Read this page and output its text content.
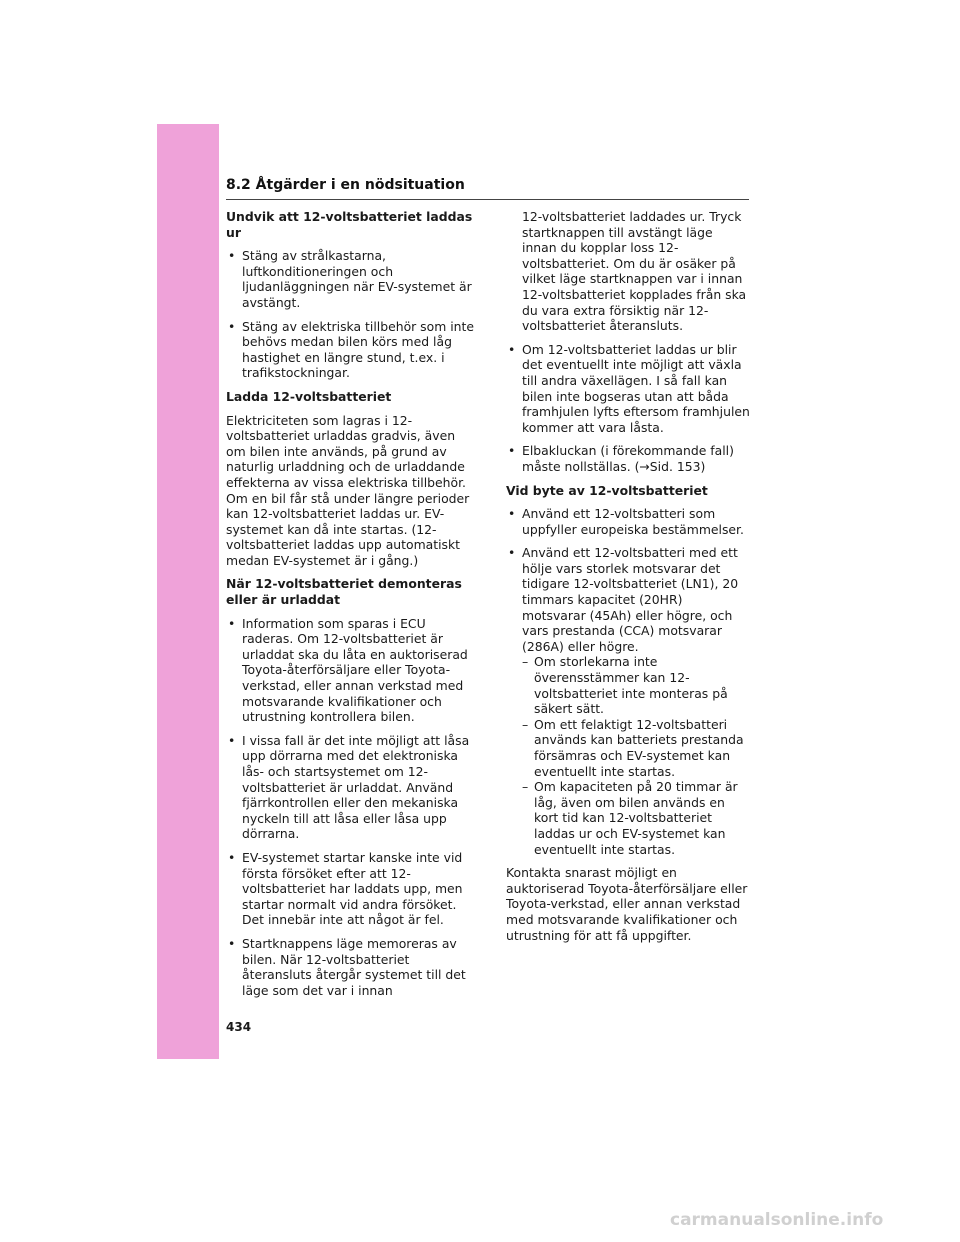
8.2 Åtgärder i en nödsituation

Undvik att 12-voltsbatteriet laddas ur

• Stäng av strålkastarna, luftkonditioneringen och ljudanläggningen när EV-systemet är avstängt.
• Stäng av elektriska tillbehör som inte behövs medan bilen körs med låg hastighet en längre stund, t.ex. i trafikstockningar.

Ladda 12-voltsbatteriet

Elektriciteten som lagras i 12-voltsbatteriet urladdas gradvis, även om bilen inte används, på grund av naturlig urladdning och de urladdande effekterna av vissa elektriska tillbehör. Om en bil får stå under längre perioder kan 12-voltsbatteriet laddas ur. EV-systemet kan då inte startas. (12-voltsbatteriet laddas upp automatiskt medan EV-systemet är i gång.)

När 12-voltsbatteriet demonteras eller är urladdat

• Information som sparas i ECU raderas. Om 12-voltsbatteriet är urladdat ska du låta en auktoriserad Toyota-återförsäljare eller Toyota-verkstad, eller annan verkstad med motsvarande kvalifikationer och utrustning kontrollera bilen.
• I vissa fall är det inte möjligt att låsa upp dörrarna med det elektroniska lås- och startsystemet om 12-voltsbatteriet är urladdat. Använd fjärrkontrollen eller den mekaniska nyckeln till att låsa eller låsa upp dörrarna.
• EV-systemet startar kanske inte vid första försöket efter att 12-voltsbatteriet har laddats upp, men startar normalt vid andra försöket. Det innebär inte att något är fel.
• Startknappens läge memoreras av bilen. När 12-voltsbatteriet återansluts återgår systemet till det läge som det var i innan
12-voltsbatteriet laddades ur. Tryck startknappen till avstängt läge innan du kopplar loss 12-voltsbatteriet. Om du är osäker på vilket läge startknappen var i innan 12-voltsbatteriet kopplades från ska du vara extra försiktig när 12-voltsbatteriet återansluts.
• Om 12-voltsbatteriet laddas ur blir det eventuellt inte möjligt att växla till andra växellägen. I så fall kan bilen inte bogseras utan att båda framhjulen lyfts eftersom framhjulen kommer att vara låsta.
• Elbakluckan (i förekommande fall) måste nollställas. (→Sid. 153)

Vid byte av 12-voltsbatteriet

• Använd ett 12-voltsbatteri som uppfyller europeiska bestämmelser.
• Använd ett 12-voltsbatteri med ett hölje vars storlek motsvarar det tidigare 12-voltsbatteriet (LN1), 20 timmars kapacitet (20HR) motsvarar (45Ah) eller högre, och vars prestanda (CCA) motsvarar (286A) eller högre.
– Om storlekarna inte överensstämmer kan 12-voltsbatteriet inte monteras på säkert sätt.
– Om ett felaktigt 12-voltsbatteri används kan batteriets prestanda försämras och EV-systemet kan eventuellt inte startas.
– Om kapaciteten på 20 timmar är låg, även om bilen används en kort tid kan 12-voltsbatteriet laddas ur och EV-systemet kan eventuellt inte startas.

Kontakta snarast möjligt en auktoriserad Toyota-återförsäljare eller Toyota-verkstad, eller annan verkstad med motsvarande kvalifikationer och utrustning för att få uppgifter.

434
carmanualsonline.info
